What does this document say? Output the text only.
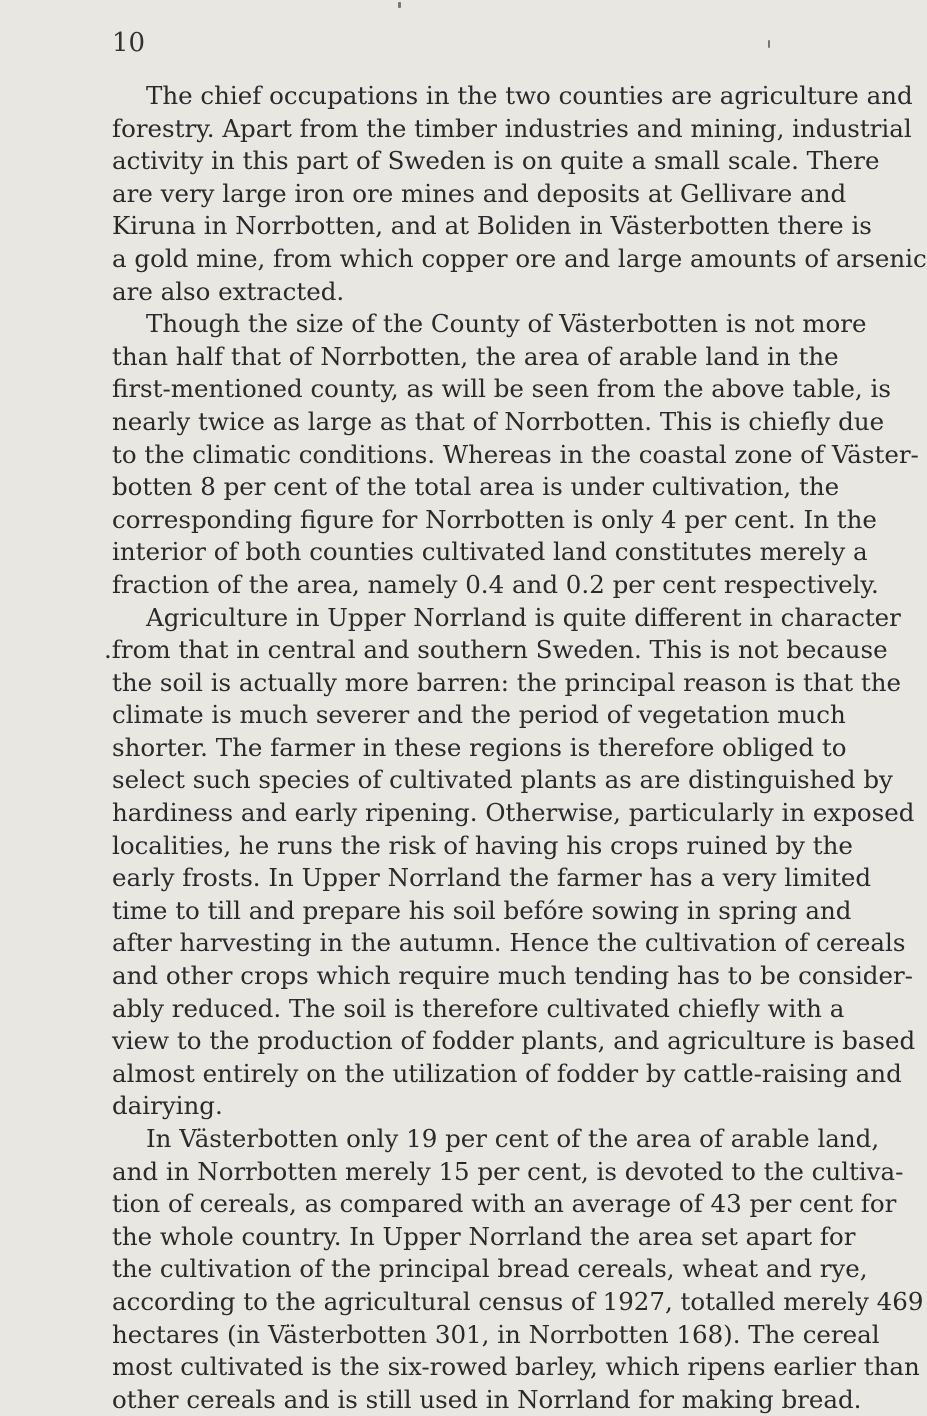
10
The chief occupations in the two counties are agriculture and
forestry. Apart from the timber industries and mining, industrial
activity in this part of Sweden is on quite a small scale. There
are very large iron ore mines and deposits at Gellivare and
Kiruna in Norrbotten, and at Boliden in Västerbotten there is
a gold mine, from which copper ore and large amounts of arsenic
are also extracted.
Though the size of the County of Västerbotten is not more
than half that of Norrbotten, the area of arable land in the
first-mentioned county, as will be seen from the above table, is
nearly twice as large as that of Norrbotten. This is chiefly due
to the climatic conditions. Whereas in the coastal zone of Väster-
botten 8 per cent of the total area is under cultivation, the
corresponding figure for Norrbotten is only 4 per cent. In the
interior of both counties cultivated land constitutes merely a
fraction of the area, namely 0.4 and 0.2 per cent respectively.
Agriculture in Upper Norrland is quite different in character
.from that in central and southern Sweden. This is not because
the soil is actually more barren: the principal reason is that the
climate is much severer and the period of vegetation much
shorter. The farmer in these regions is therefore obliged to
select such species of cultivated plants as are distinguished by
hardiness and early ripening. Otherwise, particularly in exposed
localities, he runs the risk of having his crops ruined by the
early frosts. In Upper Norrland the farmer has a very limited
time to till and prepare his soil befóre sowing in spring and
after harvesting in the autumn. Hence the cultivation of cereals
and other crops which require much tending has to be consider-
ably reduced. The soil is therefore cultivated chiefly with a
view to the production of fodder plants, and agriculture is based
almost entirely on the utilization of fodder by cattle-raising and
dairying.
In Västerbotten only 19 per cent of the area of arable land,
and in Norrbotten merely 15 per cent, is devoted to the cultiva-
tion of cereals, as compared with an average of 43 per cent for
the whole country. In Upper Norrland the area set apart for
the cultivation of the principal bread cereals, wheat and rye,
according to the agricultural census of 1927, totalled merely 469
hectares (in Västerbotten 301, in Norrbotten 168). The cereal
most cultivated is the six-rowed barley, which ripens earlier than
other cereals and is still used in Norrland for making bread.
